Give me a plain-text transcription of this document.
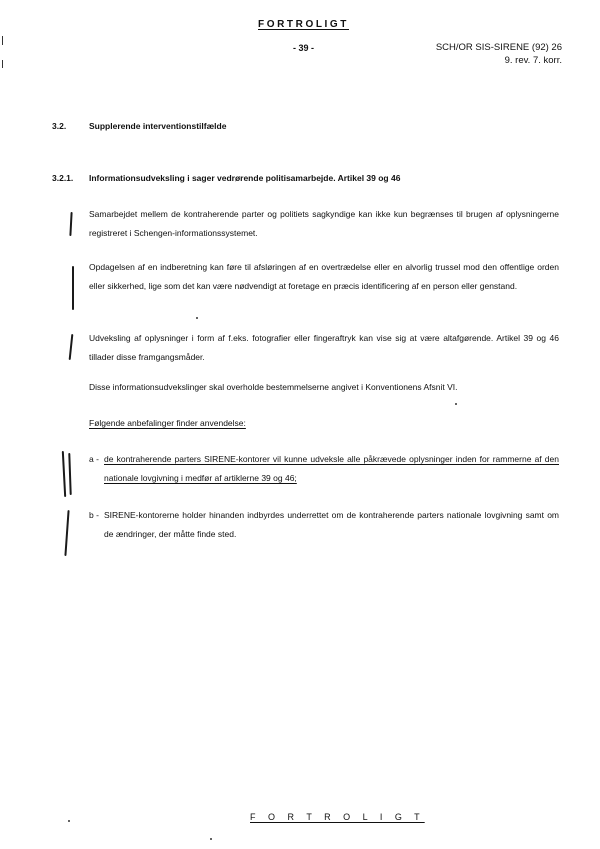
FORTROLIGT
- 39 -	SCH/OR SIS-SIRENE (92) 26
9. rev. 7. korr.
3.2.	Supplerende interventionstilfælde
3.2.1. Informationsudveksling i sager vedrørende politisamarbejde. Artikel 39 og 46
Samarbejdet mellem de kontraherende parter og politiets sagkyndige kan ikke kun begrænses til brugen af oplysningerne registreret i Schengen-informationssystemet.
Opdagelsen af en indberetning kan føre til afsløringen af en overtrædelse eller en alvorlig trussel mod den offentlige orden eller sikkerhed, lige som det kan være nødvendigt at foretage en præcis identificering af en person eller genstand.
Udveksling af oplysninger i form af f.eks. fotografier eller fingeraftryk kan vise sig at være altafgørende. Artikel 39 og 46 tillader disse framgangsmåder.
Disse informationsudvekslinger skal overholde bestemmelserne angivet i Konventionens Afsnit VI.
Følgende anbefalinger finder anvendelse:
a - de kontraherende parters SIRENE-kontorer vil kunne udveksle alle påkrævede oplysninger inden for rammerne af den nationale lovgivning i medfør af artiklerne 39 og 46;
b - SIRENE-kontorerne holder hinanden indbyrdes underrettet om de kontraherende parters nationale lovgivning samt om de ændringer, der måtte finde sted.
F O R T R O L I G T
